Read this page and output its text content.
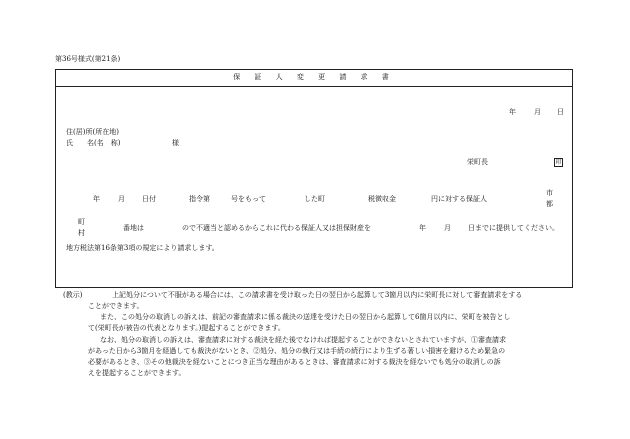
第36号様式(第21条)
保 証 人 変 更 請 求 書
年	月 日
住(居)所(所在地)
氏　　名(名　称)	様
栄町長	印
年	月 日付	指令第	号をもって	した町	税徴収金	円に対する保証人
市
都
町
村
番地は	ので不適当と認めるからこれに代わる保証人又は担保財産を	年	月 日までに提供してください。
地方税法第16条第3項の規定により請求します。
(教示)	上記処分について不服がある場合には、この請求書を受け取った日の翌日から起算して3箇月以内に栄町長に対して審査請求をする
ことができます。
また、この処分の取消しの訴えは、前記の審査請求に係る裁決の送達を受けた日の翌日から起算して6箇月以内に、栄町を被告とし
て(栄町長が被告の代表となります。)提起することができます。
なお、処分の取消しの訴えは、審査請求に対する裁決を経た後でなければ提起することができないとされていますが、①審査請求
があった日から3箇月を経過しても裁決がないとき、②処分、処分の執行又は手続の続行により生ずる著しい損害を避けるため緊急の
必要があるとき、③その他裁決を経ないことにつき正当な理由があるときは、審査請求に対する裁決を経ないでも処分の取消しの訴
えを提起することができます。
